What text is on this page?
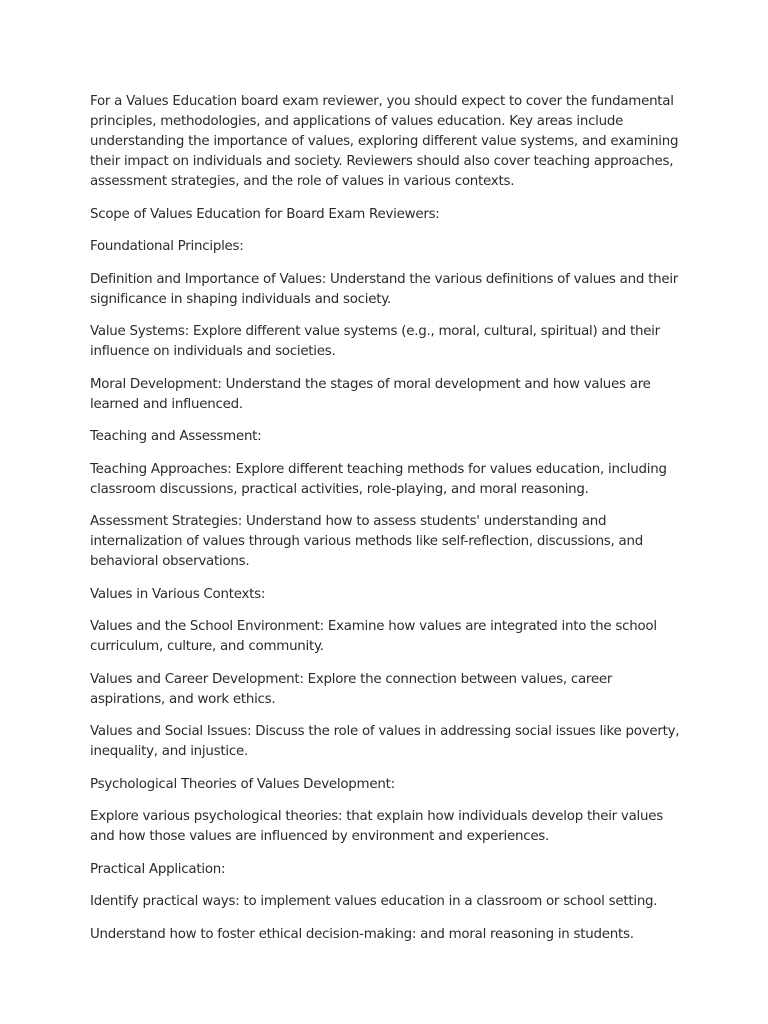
For a Values Education board exam reviewer, you should expect to cover the fundamental principles, methodologies, and applications of values education. Key areas include understanding the importance of values, exploring different value systems, and examining their impact on individuals and society. Reviewers should also cover teaching approaches, assessment strategies, and the role of values in various contexts.

Scope of Values Education for Board Exam Reviewers:

Foundational Principles:

Definition and Importance of Values: Understand the various definitions of values and their significance in shaping individuals and society.

Value Systems: Explore different value systems (e.g., moral, cultural, spiritual) and their influence on individuals and societies.

Moral Development: Understand the stages of moral development and how values are learned and influenced.

Teaching and Assessment:

Teaching Approaches: Explore different teaching methods for values education, including classroom discussions, practical activities, role-playing, and moral reasoning.

Assessment Strategies: Understand how to assess students' understanding and internalization of values through various methods like self-reflection, discussions, and behavioral observations.

Values in Various Contexts:

Values and the School Environment: Examine how values are integrated into the school curriculum, culture, and community.

Values and Career Development: Explore the connection between values, career aspirations, and work ethics.

Values and Social Issues: Discuss the role of values in addressing social issues like poverty, inequality, and injustice.

Psychological Theories of Values Development:

Explore various psychological theories: that explain how individuals develop their values and how those values are influenced by environment and experiences.

Practical Application:

Identify practical ways: to implement values education in a classroom or school setting.

Understand how to foster ethical decision-making: and moral reasoning in students.
